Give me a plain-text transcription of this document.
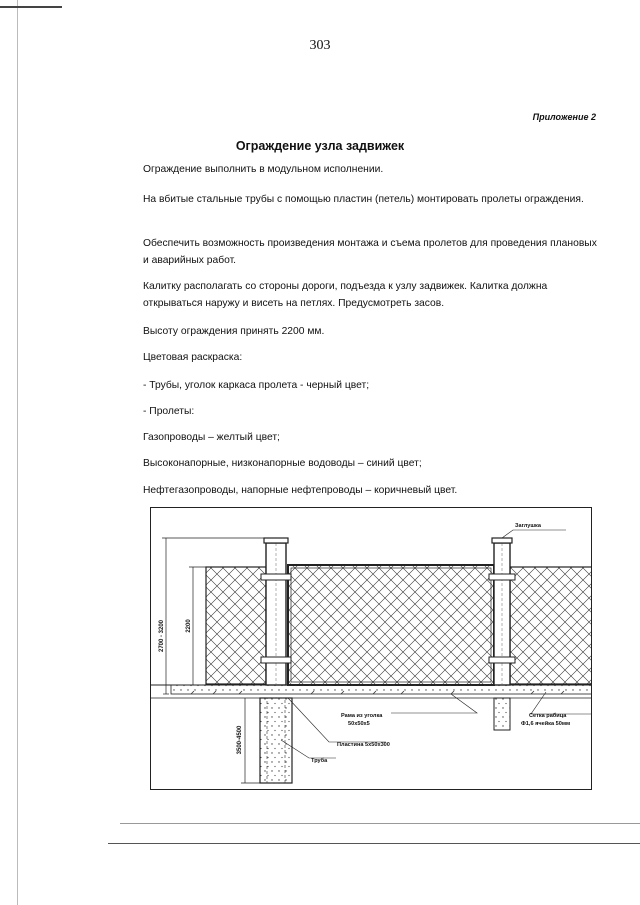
303
Приложение 2
Ограждение узла задвижек
Ограждение выполнить в модульном исполнении.
На вбитые стальные трубы с помощью пластин (петель) монтировать пролеты ограждения.
Обеспечить возможность произведения монтажа и съема пролетов для проведения плановых и аварийных работ.
Калитку располагать со стороны дороги, подъезда к узлу задвижек. Калитка должна открываться наружу и висеть на петлях. Предусмотреть засов.
Высоту ограждения принять 2200 мм.
Цветовая раскраска:
- Трубы, уголок каркаса пролета - черный цвет;
- Пролеты:
Газопроводы – желтый цвет;
Высоконапорные, низконапорные водоводы – синий цвет;
Нефтегазопроводы, напорные нефтепроводы – коричневый цвет.
2700 - 3200	2200
3500-4500
Заглушка
Рама из уголка
50х50х5
Пластина 5х50х300
Труба
Сетка рабица
Ф1,6 ячейка 50мм
